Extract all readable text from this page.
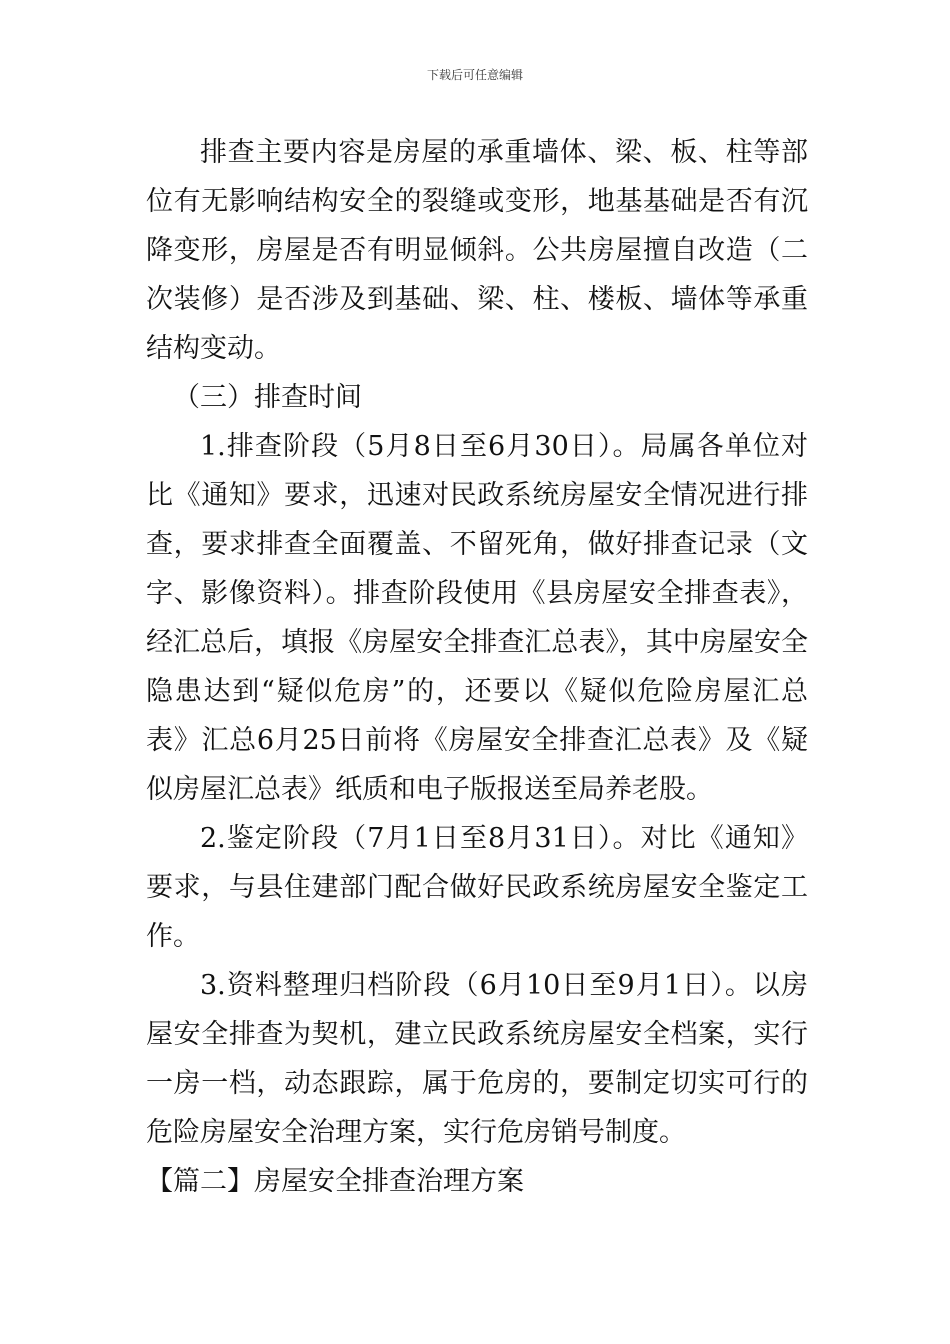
下载后可任意编辑

排查主要内容是房屋的承重墙体、梁、板、柱等部位有无影响结构安全的裂缝或变形，地基基础是否有沉降变形，房屋是否有明显倾斜。公共房屋擅自改造（二次装修）是否涉及到基础、梁、柱、楼板、墙体等承重结构变动。

（三）排查时间

1.排查阶段（5月8日至6月30日）。局属各单位对比《通知》要求，迅速对民政系统房屋安全情况进行排查，要求排查全面覆盖、不留死角，做好排查记录（文字、影像资料）。排查阶段使用《县房屋安全排查表》，经汇总后，填报《房屋安全排查汇总表》，其中房屋安全隐患达到“疑似危房”的，还要以《疑似危险房屋汇总表》汇总6月25日前将《房屋安全排查汇总表》及《疑似房屋汇总表》纸质和电子版报送至局养老股。

2.鉴定阶段（7月1日至8月31日）。对比《通知》要求，与县住建部门配合做好民政系统房屋安全鉴定工作。

3.资料整理归档阶段（6月10日至9月1日）。以房屋安全排查为契机，建立民政系统房屋安全档案，实行一房一档，动态跟踪，属于危房的，要制定切实可行的危险房屋安全治理方案，实行危房销号制度。

【篇二】房屋安全排查治理方案
